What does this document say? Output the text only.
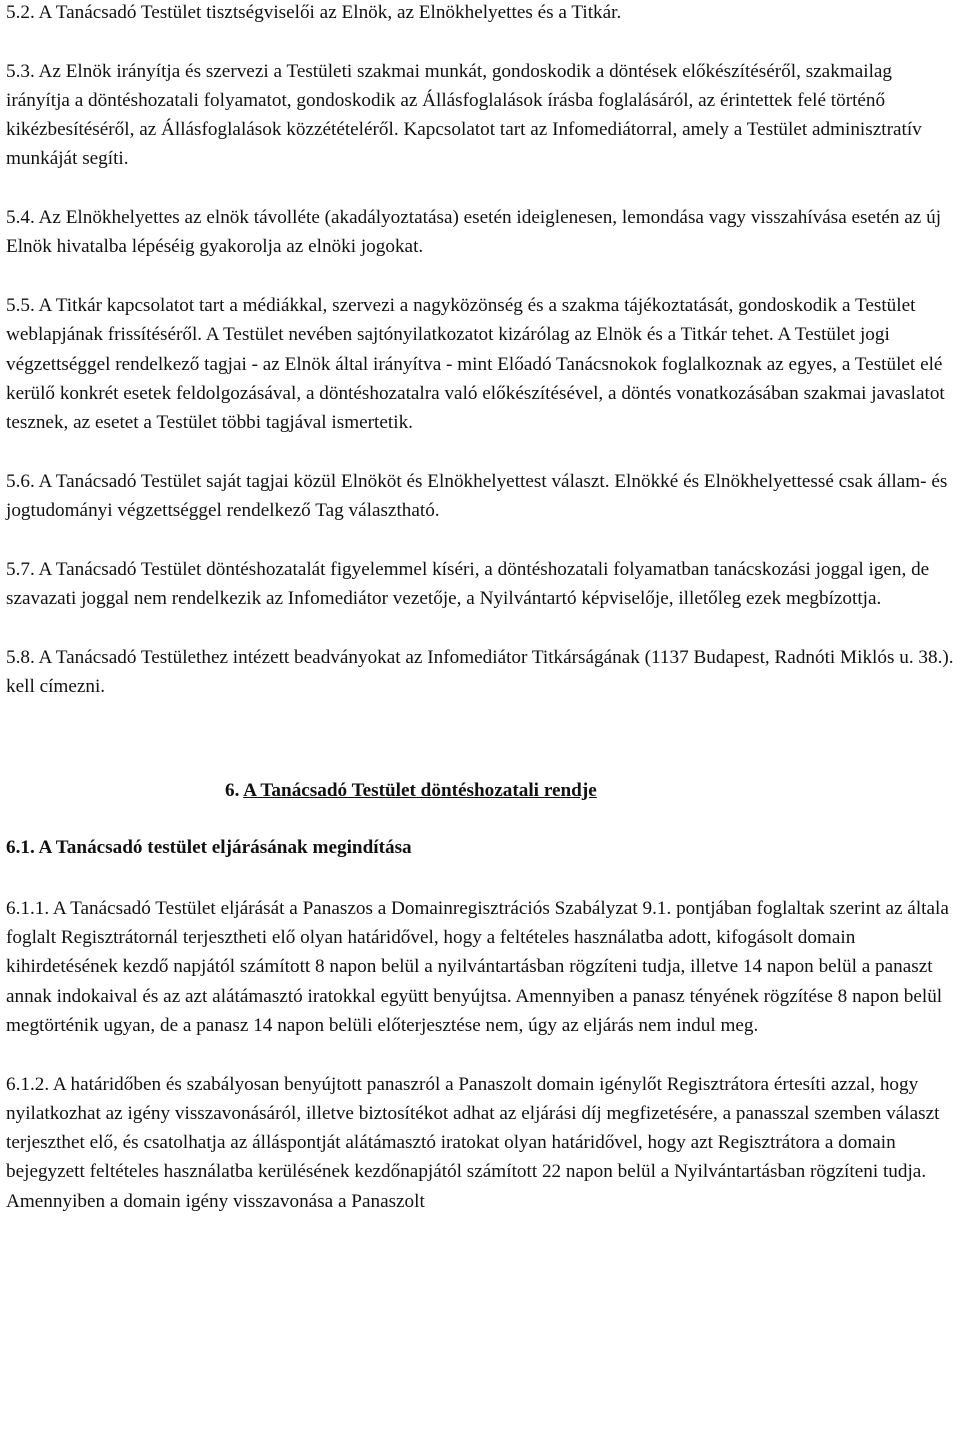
5.2. A Tanácsadó Testület tisztségviselői az Elnök, az Elnökhelyettes és a Titkár.

5.3. Az Elnök irányítja és szervezi a Testületi szakmai munkát, gondoskodik a döntések előkészítéséről, szakmailag irányítja a döntéshozatali folyamatot, gondoskodik az Állásfoglalások írásba foglalásáról, az érintettek felé történő kikézbesítéséről, az Állásfoglalások közzétételéről. Kapcsolatot tart az Infomediátorral, amely a Testület adminisztratív munkáját segíti.

5.4. Az Elnökhelyettes az elnök távolléte (akadályoztatása) esetén ideiglenesen, lemondása vagy visszahívása esetén az új Elnök hivatalba lépéséig gyakorolja az elnöki jogokat.

5.5. A Titkár kapcsolatot tart a médiákkal, szervezi a nagyközönség és a szakma tájékoztatását, gondoskodik a Testület weblapjának frissítéséről. A Testület nevében sajtónyilatkozatot kizárólag az Elnök és a Titkár tehet. A Testület jogi végzettséggel rendelkező tagjai - az Elnök által irányítva - mint Előadó Tanácsnokok foglalkoznak az egyes, a Testület elé kerülő konkrét esetek feldolgozásával, a döntéshozatalra való előkészítésével, a döntés vonatkozásában szakmai javaslatot tesznek, az esetet a Testület többi tagjával ismertetik.

5.6. A Tanácsadó Testület saját tagjai közül Elnököt és Elnökhelyettest választ. Elnökké és Elnökhelyettessé csak állam- és jogtudományi végzettséggel rendelkező Tag választható.

5.7. A Tanácsadó Testület döntéshozatalát figyelemmel kíséri, a döntéshozatali folyamatban tanácskozási joggal igen, de szavazati joggal nem rendelkezik az Infomediátor vezetője, a Nyilvántartó képviselője, illetőleg ezek megbízottja.

5.8. A Tanácsadó Testülethez intézett beadványokat az Infomediátor Titkárságának (1137 Budapest, Radnóti Miklós u. 38.). kell címezni.

6. A Tanácsadó Testület döntéshozatali rendje

6.1. A Tanácsadó testület eljárásának megindítása

6.1.1. A Tanácsadó Testület eljárását a Panaszos a Domainregisztrációs Szabályzat 9.1. pontjában foglaltak szerint az általa foglalt Regisztrátornál terjesztheti elő olyan határidővel, hogy a feltételes használatba adott, kifogásolt domain kihirdetésének kezdő napjától számított 8 napon belül a nyilvántartásban rögzíteni tudja, illetve 14 napon belül a panaszt annak indokaival és az azt alátámasztó iratokkal együtt benyújtsa. Amennyiben a panasz tényének rögzítése 8 napon belül megtörténik ugyan, de a panasz 14 napon belüli előterjesztése nem, úgy az eljárás nem indul meg.

6.1.2. A határidőben és szabályosan benyújtott panaszról a Panaszolt domain igénylőt Regisztrátora értesíti azzal, hogy nyilatkozhat az igény visszavonásáról, illetve biztosítékot adhat az eljárási díj megfizetésére, a panasszal szemben választ terjeszthet elő, és csatolhatja az álláspontját alátámasztó iratokat olyan határidővel, hogy azt Regisztrátora a domain bejegyzett feltételes használatba kerülésének kezdőnapjától számított 22 napon belül a Nyilvántartásban rögzíteni tudja. Amennyiben a domain igény visszavonása a Panaszolt
